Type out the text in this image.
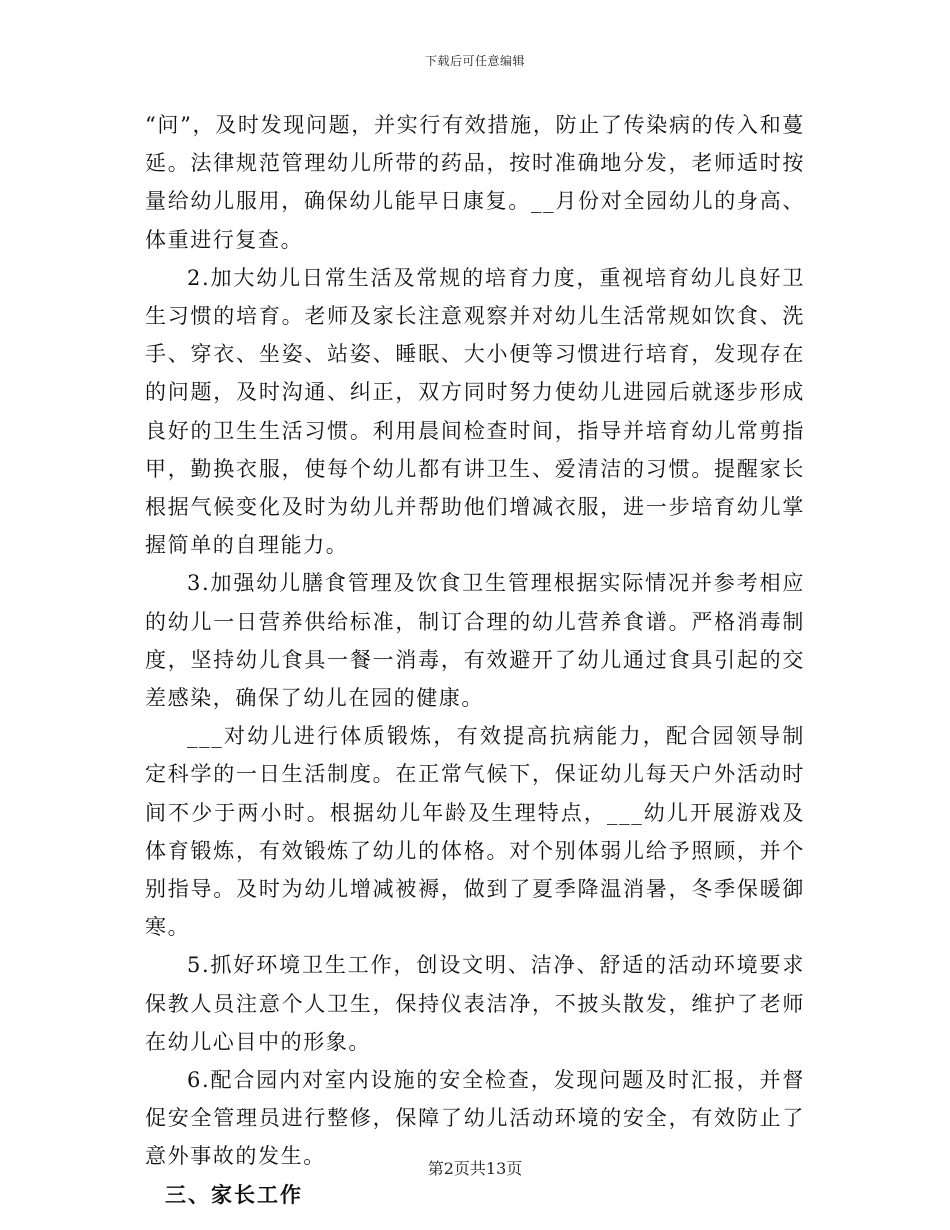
下载后可任意编辑

“问”，及时发现问题，并实行有效措施，防止了传染病的传入和蔓延。法律规范管理幼儿所带的药品，按时准确地分发，老师适时按量给幼儿服用，确保幼儿能早日康复。__月份对全园幼儿的身高、体重进行复查。

2.加大幼儿日常生活及常规的培育力度，重视培育幼儿良好卫生习惯的培育。老师及家长注意观察并对幼儿生活常规如饮食、洗手、穿衣、坐姿、站姿、睡眠、大小便等习惯进行培育，发现存在的问题，及时沟通、纠正，双方同时努力使幼儿进园后就逐步形成良好的卫生生活习惯。利用晨间检查时间，指导并培育幼儿常剪指甲，勤换衣服，使每个幼儿都有讲卫生、爱清洁的习惯。提醒家长根据气候变化及时为幼儿并帮助他们增减衣服，进一步培育幼儿掌握简单的自理能力。

3.加强幼儿膳食管理及饮食卫生管理根据实际情况并参考相应的幼儿一日营养供给标准，制订合理的幼儿营养食谱。严格消毒制度，坚持幼儿食具一餐一消毒，有效避开了幼儿通过食具引起的交差感染，确保了幼儿在园的健康。

___对幼儿进行体质锻炼，有效提高抗病能力，配合园领导制定科学的一日生活制度。在正常气候下，保证幼儿每天户外活动时间不少于两小时。根据幼儿年龄及生理特点，___幼儿开展游戏及体育锻炼，有效锻炼了幼儿的体格。对个别体弱儿给予照顾，并个别指导。及时为幼儿增减被褥，做到了夏季降温消暑，冬季保暖御寒。

5.抓好环境卫生工作，创设文明、洁净、舒适的活动环境要求保教人员注意个人卫生，保持仪表洁净，不披头散发，维护了老师在幼儿心目中的形象。

6.配合园内对室内设施的安全检查，发现问题及时汇报，并督促安全管理员进行整修，保障了幼儿活动环境的安全，有效防止了意外事故的发生。

三、家长工作

第2页共13页
